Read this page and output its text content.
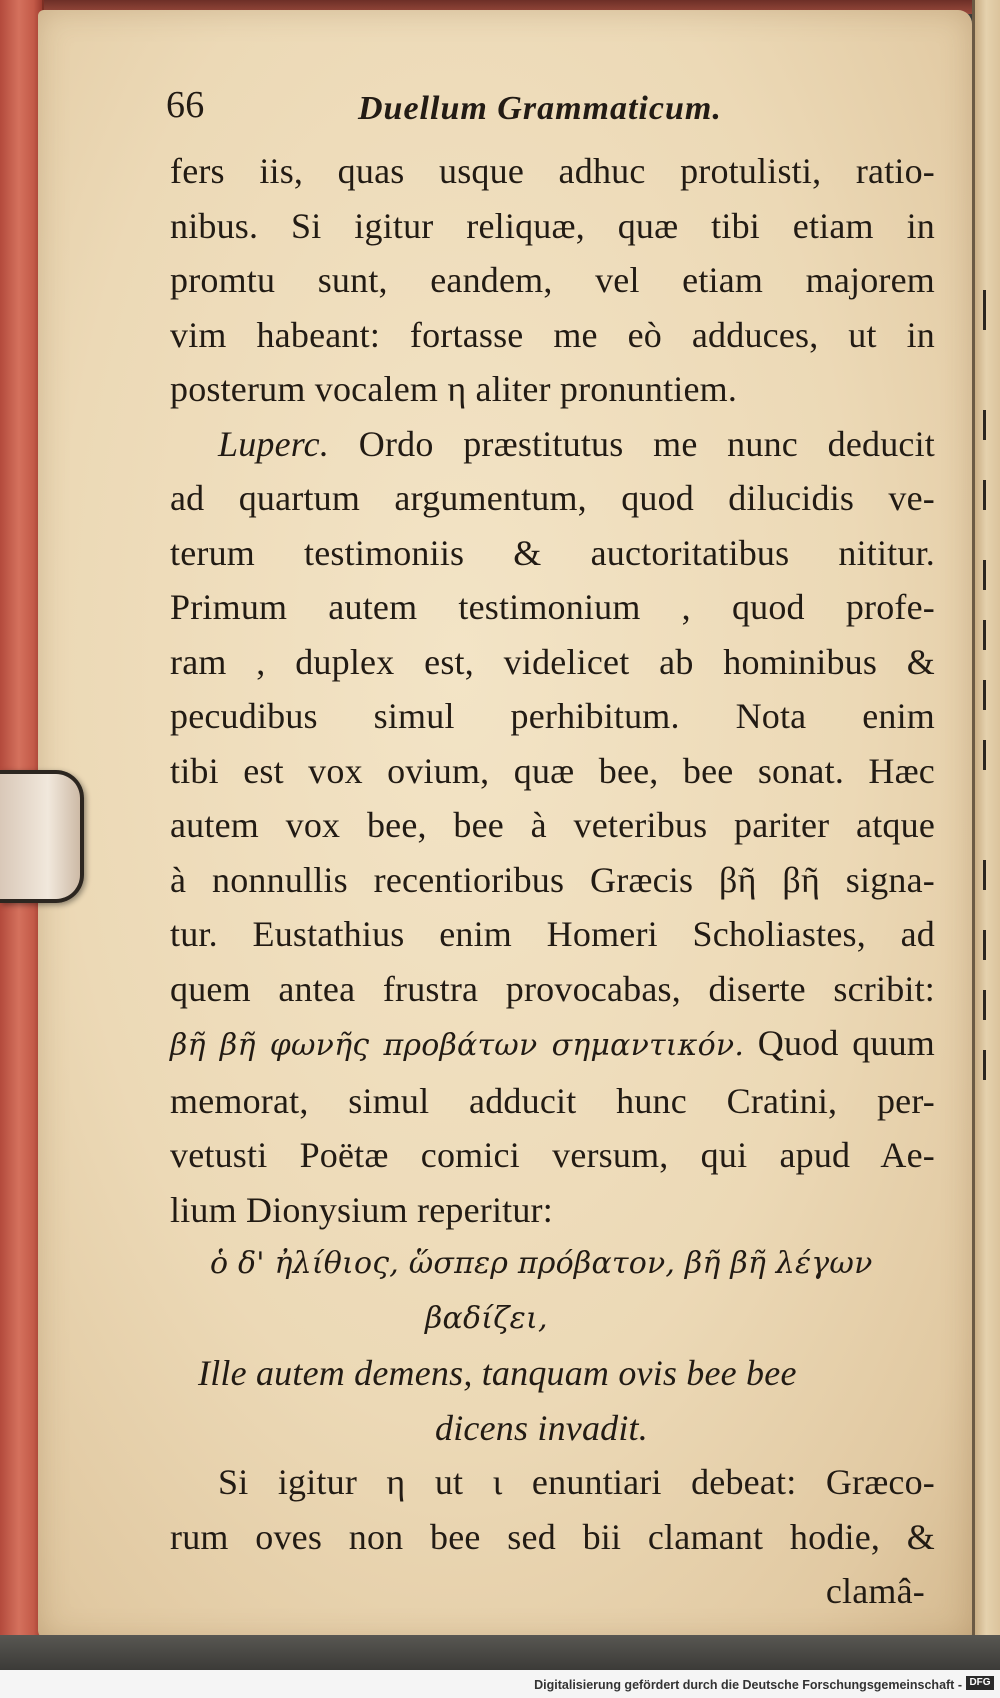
66	Duellum Grammaticum.
fers iis, quas usque adhuc protulisti, ratio-
nibus. Si igitur reliquæ, quæ tibi etiam in
promtu sunt, eandem, vel etiam majorem
vim habeant: fortasse me eò adduces, ut in
posterum vocalem η aliter pronuntiem.
Luperc. Ordo præstitutus me nunc deducit
ad quartum argumentum, quod dilucidis ve-
terum testimoniis & auctoritatibus nititur.
Primum autem testimonium , quod profe-
ram , duplex est, videlicet ab hominibus &
pecudibus simul perhibitum. Nota enim
tibi est vox ovium, quæ bee, bee sonat. Hæc
autem vox bee, bee à veteribus pariter atque
à nonnullis recentioribus Græcis βῆ βῆ signa-
tur. Eustathius enim Homeri Scholiastes, ad
quem antea frustra provocabas, diserte scribit:
βῆ βῆ φωνῆς προβάτων σημαντικόν. Quod quum
memorat, simul adducit hunc Cratini, per-
vetusti Poëtæ comici versum, qui apud Ae-
lium Dionysium reperitur:
ὁ δ' ἠλίθιος, ὥσπερ πρόβατον, βῆ βῆ λέγων
βαδίζει,
Ille autem demens, tanquam ovis bee bee
dicens invadit.
Si igitur η ut ι enuntiari debeat: Græco-
rum oves non bee sed bii clamant hodie, &
clamâ-
Digitalisierung gefördert durch die Deutsche Forschungsgemeinschaft - DFG
